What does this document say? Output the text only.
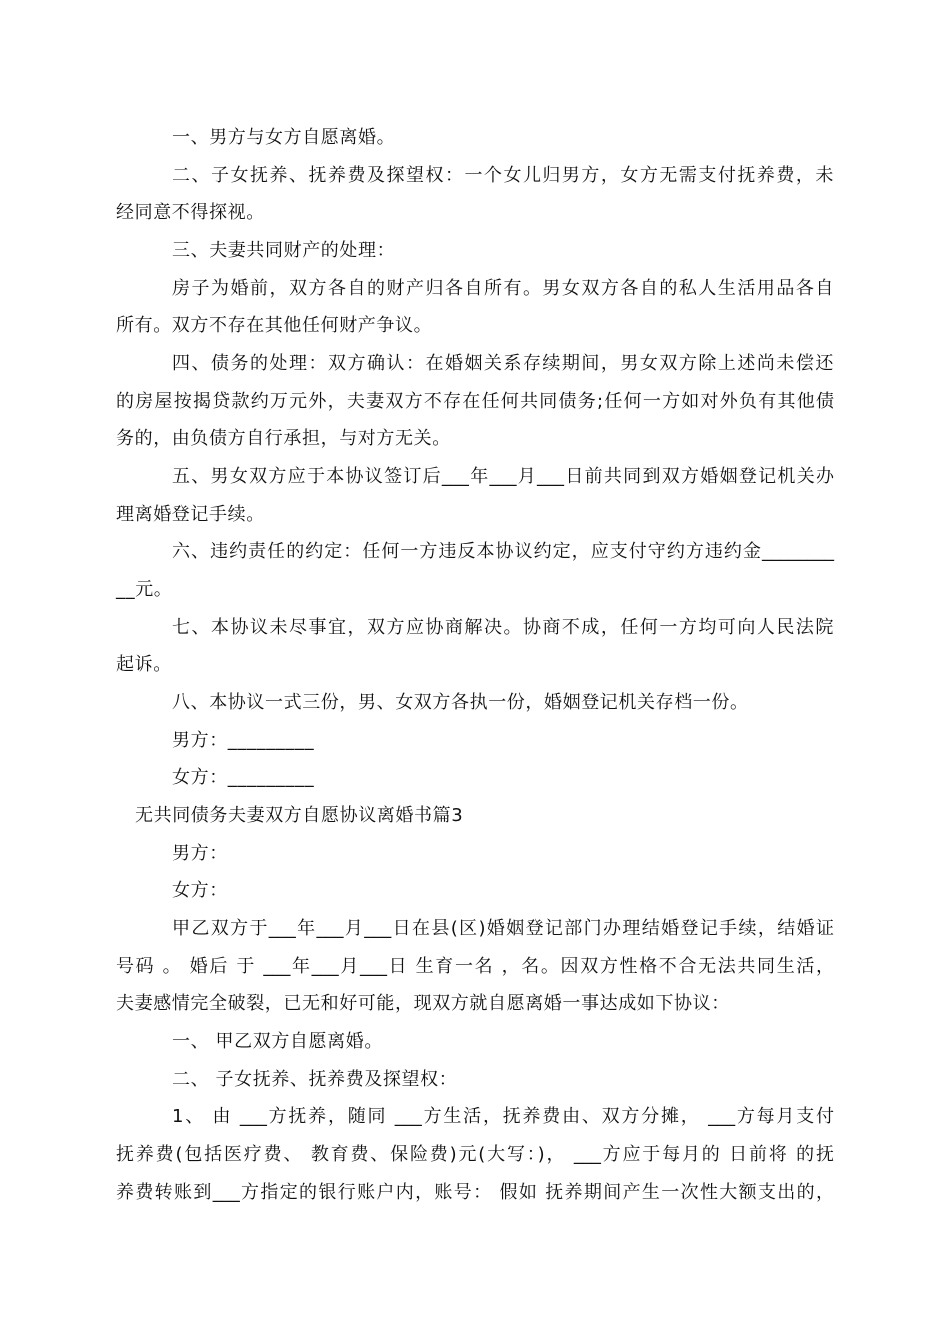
一、男方与女方自愿离婚。
二、子女抚养、抚养费及探望权：一个女儿归男方，女方无需支付抚养费，未
经同意不得探视。
三、夫妻共同财产的处理：
房子为婚前，双方各自的财产归各自所有。男女双方各自的私人生活用品各自
所有。双方不存在其他任何财产争议。
四、债务的处理：双方确认：在婚姻关系存续期间，男女双方除上述尚未偿还
的房屋按揭贷款约万元外，夫妻双方不存在任何共同债务;任何一方如对外负有其他债
务的，由负债方自行承担，与对方无关。
五、男女双方应于本协议签订后___年___月___日前共同到双方婚姻登记机关办
理离婚登记手续。
六、违约责任的约定：任何一方违反本协议约定，应支付守约方违约金________
__元。
七、本协议未尽事宜，双方应协商解决。协商不成，任何一方均可向人民法院
起诉。
八、本协议一式三份，男、女双方各执一份，婚姻登记机关存档一份。
男方：_________
女方：_________
无共同债务夫妻双方自愿协议离婚书篇3
男方：
女方：
甲乙双方于___年___月___日在县(区)婚姻登记部门办理结婚登记手续，结婚证
号码 。 婚后 于 ___年___月___日 生育一名 ，名。因双方性格不合无法共同生活，
夫妻感情完全破裂，已无和好可能，现双方就自愿离婚一事达成如下协议：
一、 甲乙双方自愿离婚。
二、 子女抚养、抚养费及探望权：
1、 由 ___方抚养，随同 ___方生活，抚养费由、双方分摊， ___方每月支付
抚养费(包括医疗费、 教育费、保险费)元(大写：)， ___方应于每月的 日前将 的抚
养费转账到___方指定的银行账户内，账号： 假如 抚养期间产生一次性大额支出的，
